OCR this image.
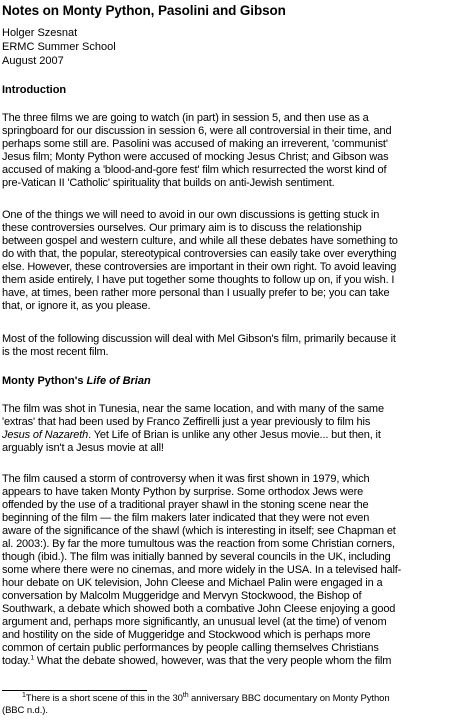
Notes on Monty Python, Pasolini and Gibson
Holger Szesnat
ERMC Summer School
August 2007
Introduction
The three films we are going to watch (in part) in session 5, and then use as a
springboard for our discussion in session 6, were all controversial in their time, and
perhaps some still are. Pasolini was accused of making an irreverent, 'communist'
Jesus film; Monty Python were accused of mocking Jesus Christ; and Gibson was
accused of making a 'blood-and-gore fest' film which resurrected the worst kind of
pre-Vatican II 'Catholic' spirituality that builds on anti-Jewish sentiment.
One of the things we will need to avoid in our own discussions is getting stuck in
these controversies ourselves. Our primary aim is to discuss the relationship
between gospel and western culture, and while all these debates have something to
do with that, the popular, stereotypical controversies can easily take over everything
else. However, these controversies are important in their own right. To avoid leaving
them aside entirely, I have put together some thoughts to follow up on, if you wish. I
have, at times, been rather more personal than I usually prefer to be; you can take
that, or ignore it, as you please.
Most of the following discussion will deal with Mel Gibson's film, primarily because it
is the most recent film.
Monty Python's Life of Brian
The film was shot in Tunesia, near the same location, and with many of the same
'extras' that had been used by Franco Zeffirelli just a year previously to film his
Jesus of Nazareth. Yet Life of Brian is unlike any other Jesus movie... but then, it
arguably isn't a Jesus movie at all!
The film caused a storm of controversy when it was first shown in 1979, which
appears to have taken Monty Python by surprise. Some orthodox Jews were
offended by the use of a traditional prayer shawl in the stoning scene near the
beginning of the film — the film makers later indicated that they were not even
aware of the significance of the shawl (which is interesting in itself; see Chapman et
al. 2003:). By far the more tumultous was the reaction from some Christian corners,
though (ibid.). The film was initially banned by several councils in the UK, including
some where there were no cinemas, and more widely in the USA. In a televised half-
hour debate on UK television, John Cleese and Michael Palin were engaged in a
conversation by Malcolm Muggeridge and Mervyn Stockwood, the Bishop of
Southwark, a debate which showed both a combative John Cleese enjoying a good
argument and, perhaps more significantly, an unusual level (at the time) of venom
and hostility on the side of Muggeridge and Stockwood which is perhaps more
common of certain public performances by people calling themselves Christians
today.$^1$ What the debate showed, however, was that the very people whom the film
$^1$There is a short scene of this in the 30th anniversary BBC documentary on Monty Python
(BBC n.d.).
